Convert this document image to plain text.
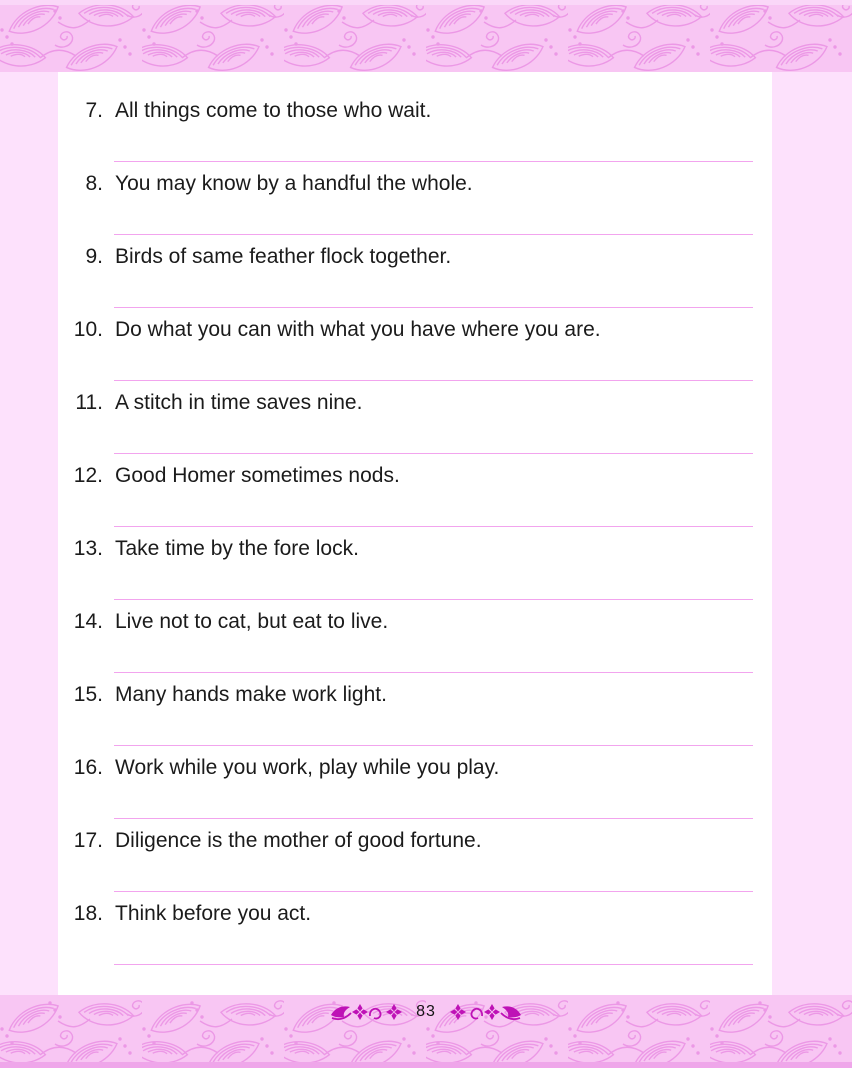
7. All things come to those who wait.
8. You may know by a handful the whole.
9. Birds of same feather flock together.
10. Do what you can with what you have where you are.
11. A stitch in time saves nine.
12. Good Homer sometimes nods.
13. Take time by the fore lock.
14. Live not to cat, but eat to live.
15. Many hands make work light.
16. Work while you work, play while you play.
17. Diligence is the mother of good fortune.
18. Think before you act.
83
